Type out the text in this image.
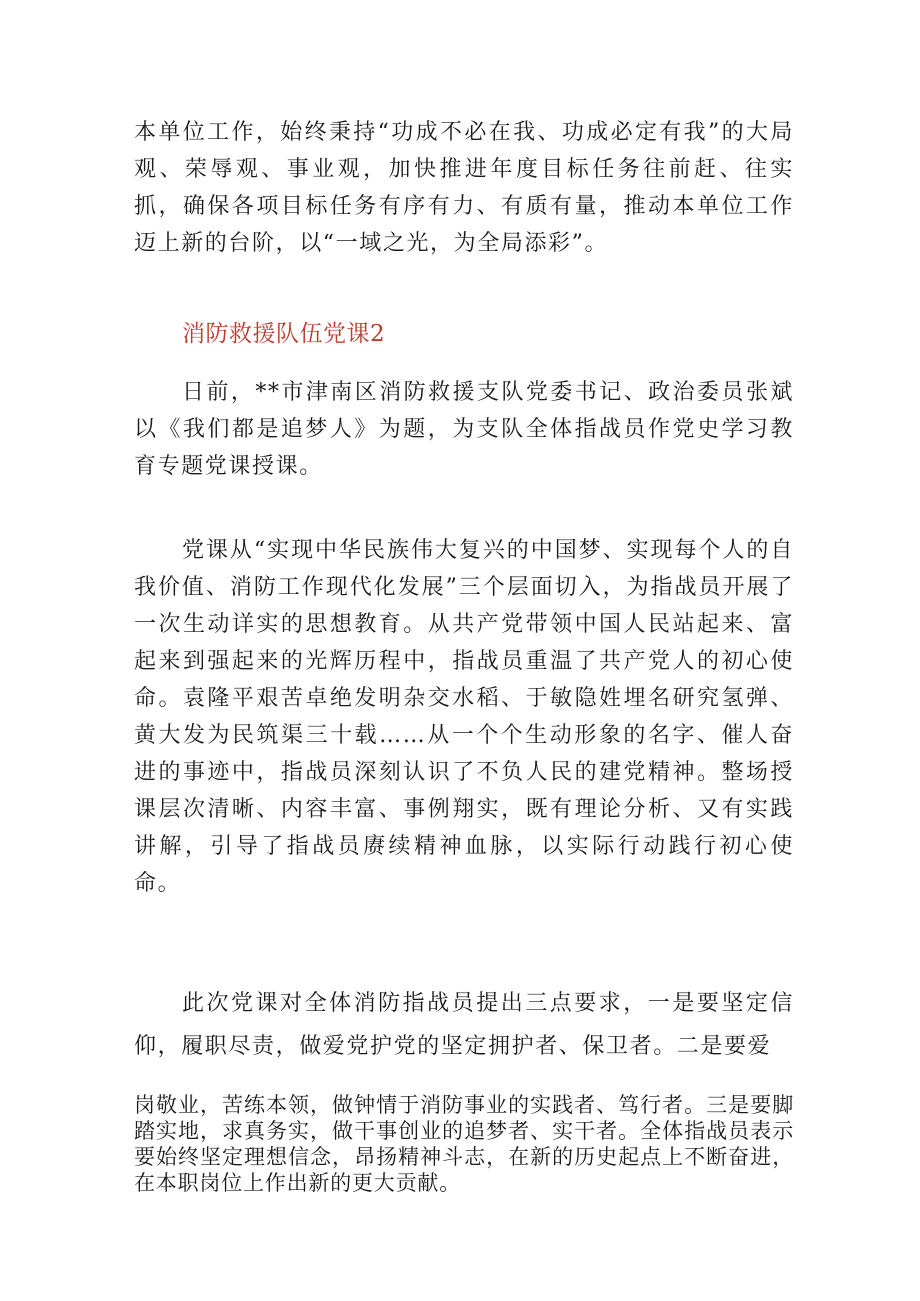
本单位工作，始终秉持“功成不必在我、功成必定有我”的大局观、荣辱观、事业观，加快推进年度目标任务往前赶、往实抓，确保各项目标任务有序有力、有质有量，推动本单位工作迈上新的台阶，以“一域之光，为全局添彩”。

消防救援队伍党课2

日前，**市津南区消防救援支队党委书记、政治委员张斌以《我们都是追梦人》为题，为支队全体指战员作党史学习教育专题党课授课。

党课从“实现中华民族伟大复兴的中国梦、实现每个人的自我价值、消防工作现代化发展”三个层面切入，为指战员开展了一次生动详实的思想教育。从共产党带领中国人民站起来、富起来到强起来的光辉历程中，指战员重温了共产党人的初心使命。袁隆平艰苦卓绝发明杂交水稻、于敏隐姓埋名研究氢弹、黄大发为民筑渠三十载……从一个个生动形象的名字、催人奋进的事迹中，指战员深刻认识了不负人民的建党精神。整场授课层次清晰、内容丰富、事例翔实，既有理论分析、又有实践讲解，引导了指战员赓续精神血脉，以实际行动践行初心使命。

此次党课对全体消防指战员提出三点要求，一是要坚定信仰，履职尽责，做爱党护党的坚定拥护者、保卫者。二是要爱

岗敬业，苦练本领，做钟情于消防事业的实践者、笃行者。三是要脚踏实地，求真务实，做干事创业的追梦者、实干者。全体指战员表示要始终坚定理想信念，昂扬精神斗志，在新的历史起点上不断奋进，在本职岗位上作出新的更大贡献。
